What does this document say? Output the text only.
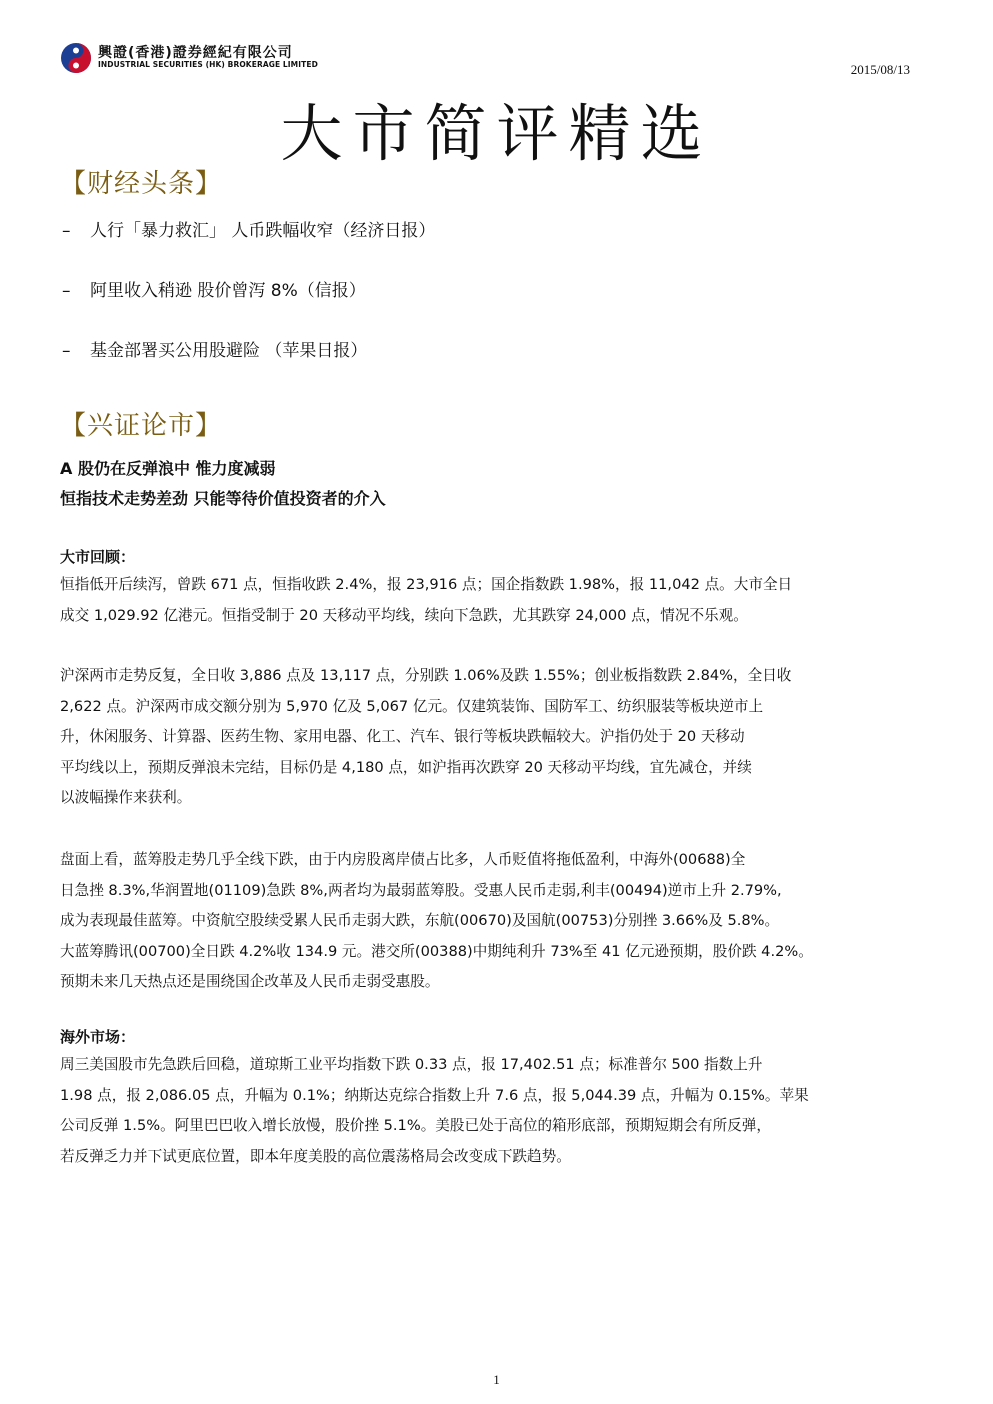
興證(香港)證券經紀有限公司
INDUSTRIAL SECURITIES (HK) BROKERAGE LIMITED	2015/08/13
大市简评精选
【财经头条】
– 人行「暴力救汇」 人币跌幅收窄（经济日报）
– 阿里收入稍逊 股价曾泻 8%（信报）
– 基金部署买公用股避险 （苹果日报）
【兴证论市】
A 股仍在反弹浪中 惟力度减弱
恒指技术走势差劲 只能等待价值投资者的介入
大市回顾：
恒指低开后续泻，曾跌 671 点，恒指收跌 2.4%，报 23,916 点；国企指数跌 1.98%，报 11,042 点。大市全日
成交 1,029.92 亿港元。恒指受制于 20 天移动平均线，续向下急跌，尤其跌穿 24,000 点，情况不乐观。
沪深两市走势反复，全日收 3,886 点及 13,117 点，分别跌 1.06%及跌 1.55%；创业板指数跌 2.84%，全日收
2,622 点。沪深两市成交额分别为 5,970 亿及 5,067 亿元。仅建筑装饰、国防军工、纺织服装等板块逆市上
升，休闲服务、计算器、医药生物、家用电器、化工、汽车、银行等板块跌幅较大。沪指仍处于 20 天移动
平均线以上，预期反弹浪未完结，目标仍是 4,180 点，如沪指再次跌穿 20 天移动平均线，宜先减仓，并续
以波幅操作来获利。
盘面上看，蓝筹股走势几乎全线下跌，由于内房股离岸债占比多，人币贬值将拖低盈利，中海外(00688)全
日急挫 8.3%,华润置地(01109)急跌 8%,两者均为最弱蓝筹股。受惠人民币走弱,利丰(00494)逆市上升 2.79%,
成为表现最佳蓝筹。中资航空股续受累人民币走弱大跌，东航(00670)及国航(00753)分别挫 3.66%及 5.8%。
大蓝筹腾讯(00700)全日跌 4.2%收 134.9 元。港交所(00388)中期纯利升 73%至 41 亿元逊预期，股价跌 4.2%。
预期未来几天热点还是围绕国企改革及人民币走弱受惠股。
海外市场：
周三美国股市先急跌后回稳，道琼斯工业平均指数下跌 0.33 点，报 17,402.51 点；标准普尔 500 指数上升
1.98 点，报 2,086.05 点，升幅为 0.1%；纳斯达克综合指数上升 7.6 点，报 5,044.39 点，升幅为 0.15%。苹果
公司反弹 1.5%。阿里巴巴收入增长放慢，股价挫 5.1%。美股已处于高位的箱形底部，预期短期会有所反弹，
若反弹乏力并下试更底位置，即本年度美股的高位震荡格局会改变成下跌趋势。
1
